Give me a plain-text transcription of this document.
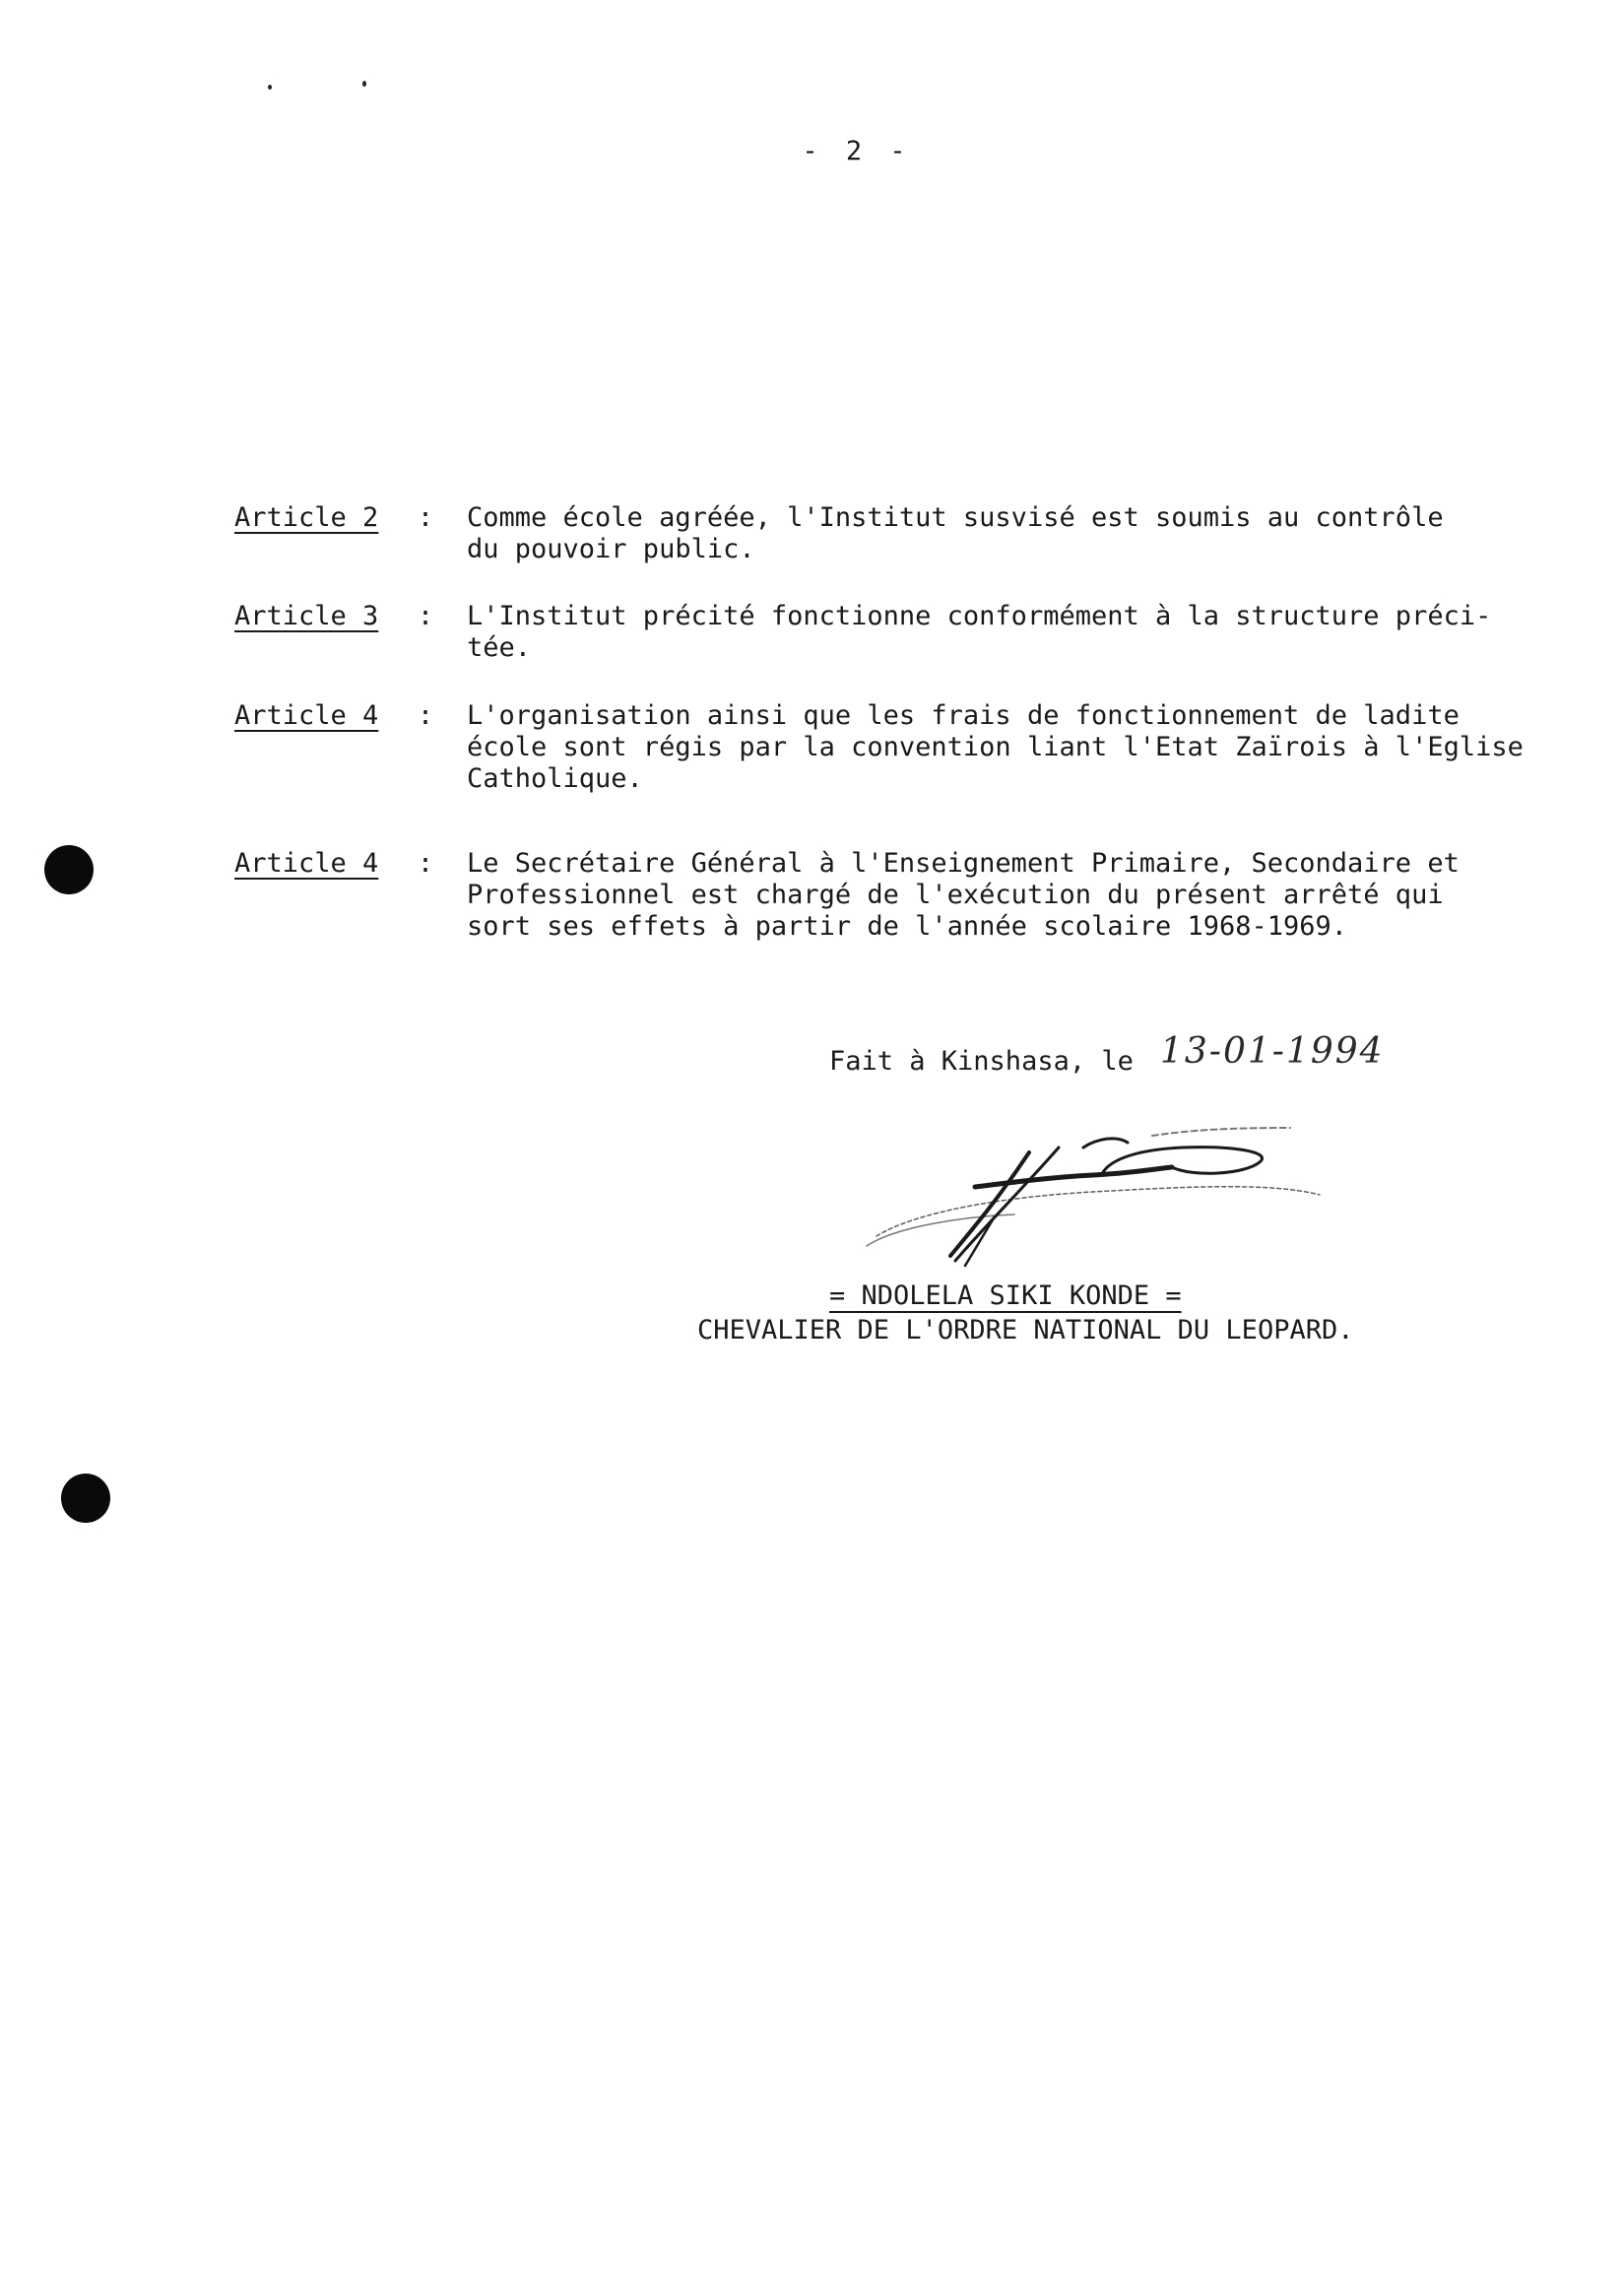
- 2 -
Article 2	:	Comme école agréée, l'Institut susvisé est soumis au contrôle
du pouvoir public.
Article 3	:	L'Institut précité fonctionne conformément à la structure préci-
tée.
Article 4	:	L'organisation ainsi que les frais de fonctionnement de ladite
école sont régis par la convention liant l'Etat Zaïrois à l'Eglise
Catholique.
Article 4	:	Le Secrétaire Général à l'Enseignement Primaire, Secondaire et
Professionnel est chargé de l'exécution du présent arrêté qui
sort ses effets à partir de l'année scolaire 1968-1969.
Fait à Kinshasa, le 13-01-1994
= NDOLELA SIKI KONDE =
CHEVALIER DE L'ORDRE NATIONAL DU LEOPARD.
